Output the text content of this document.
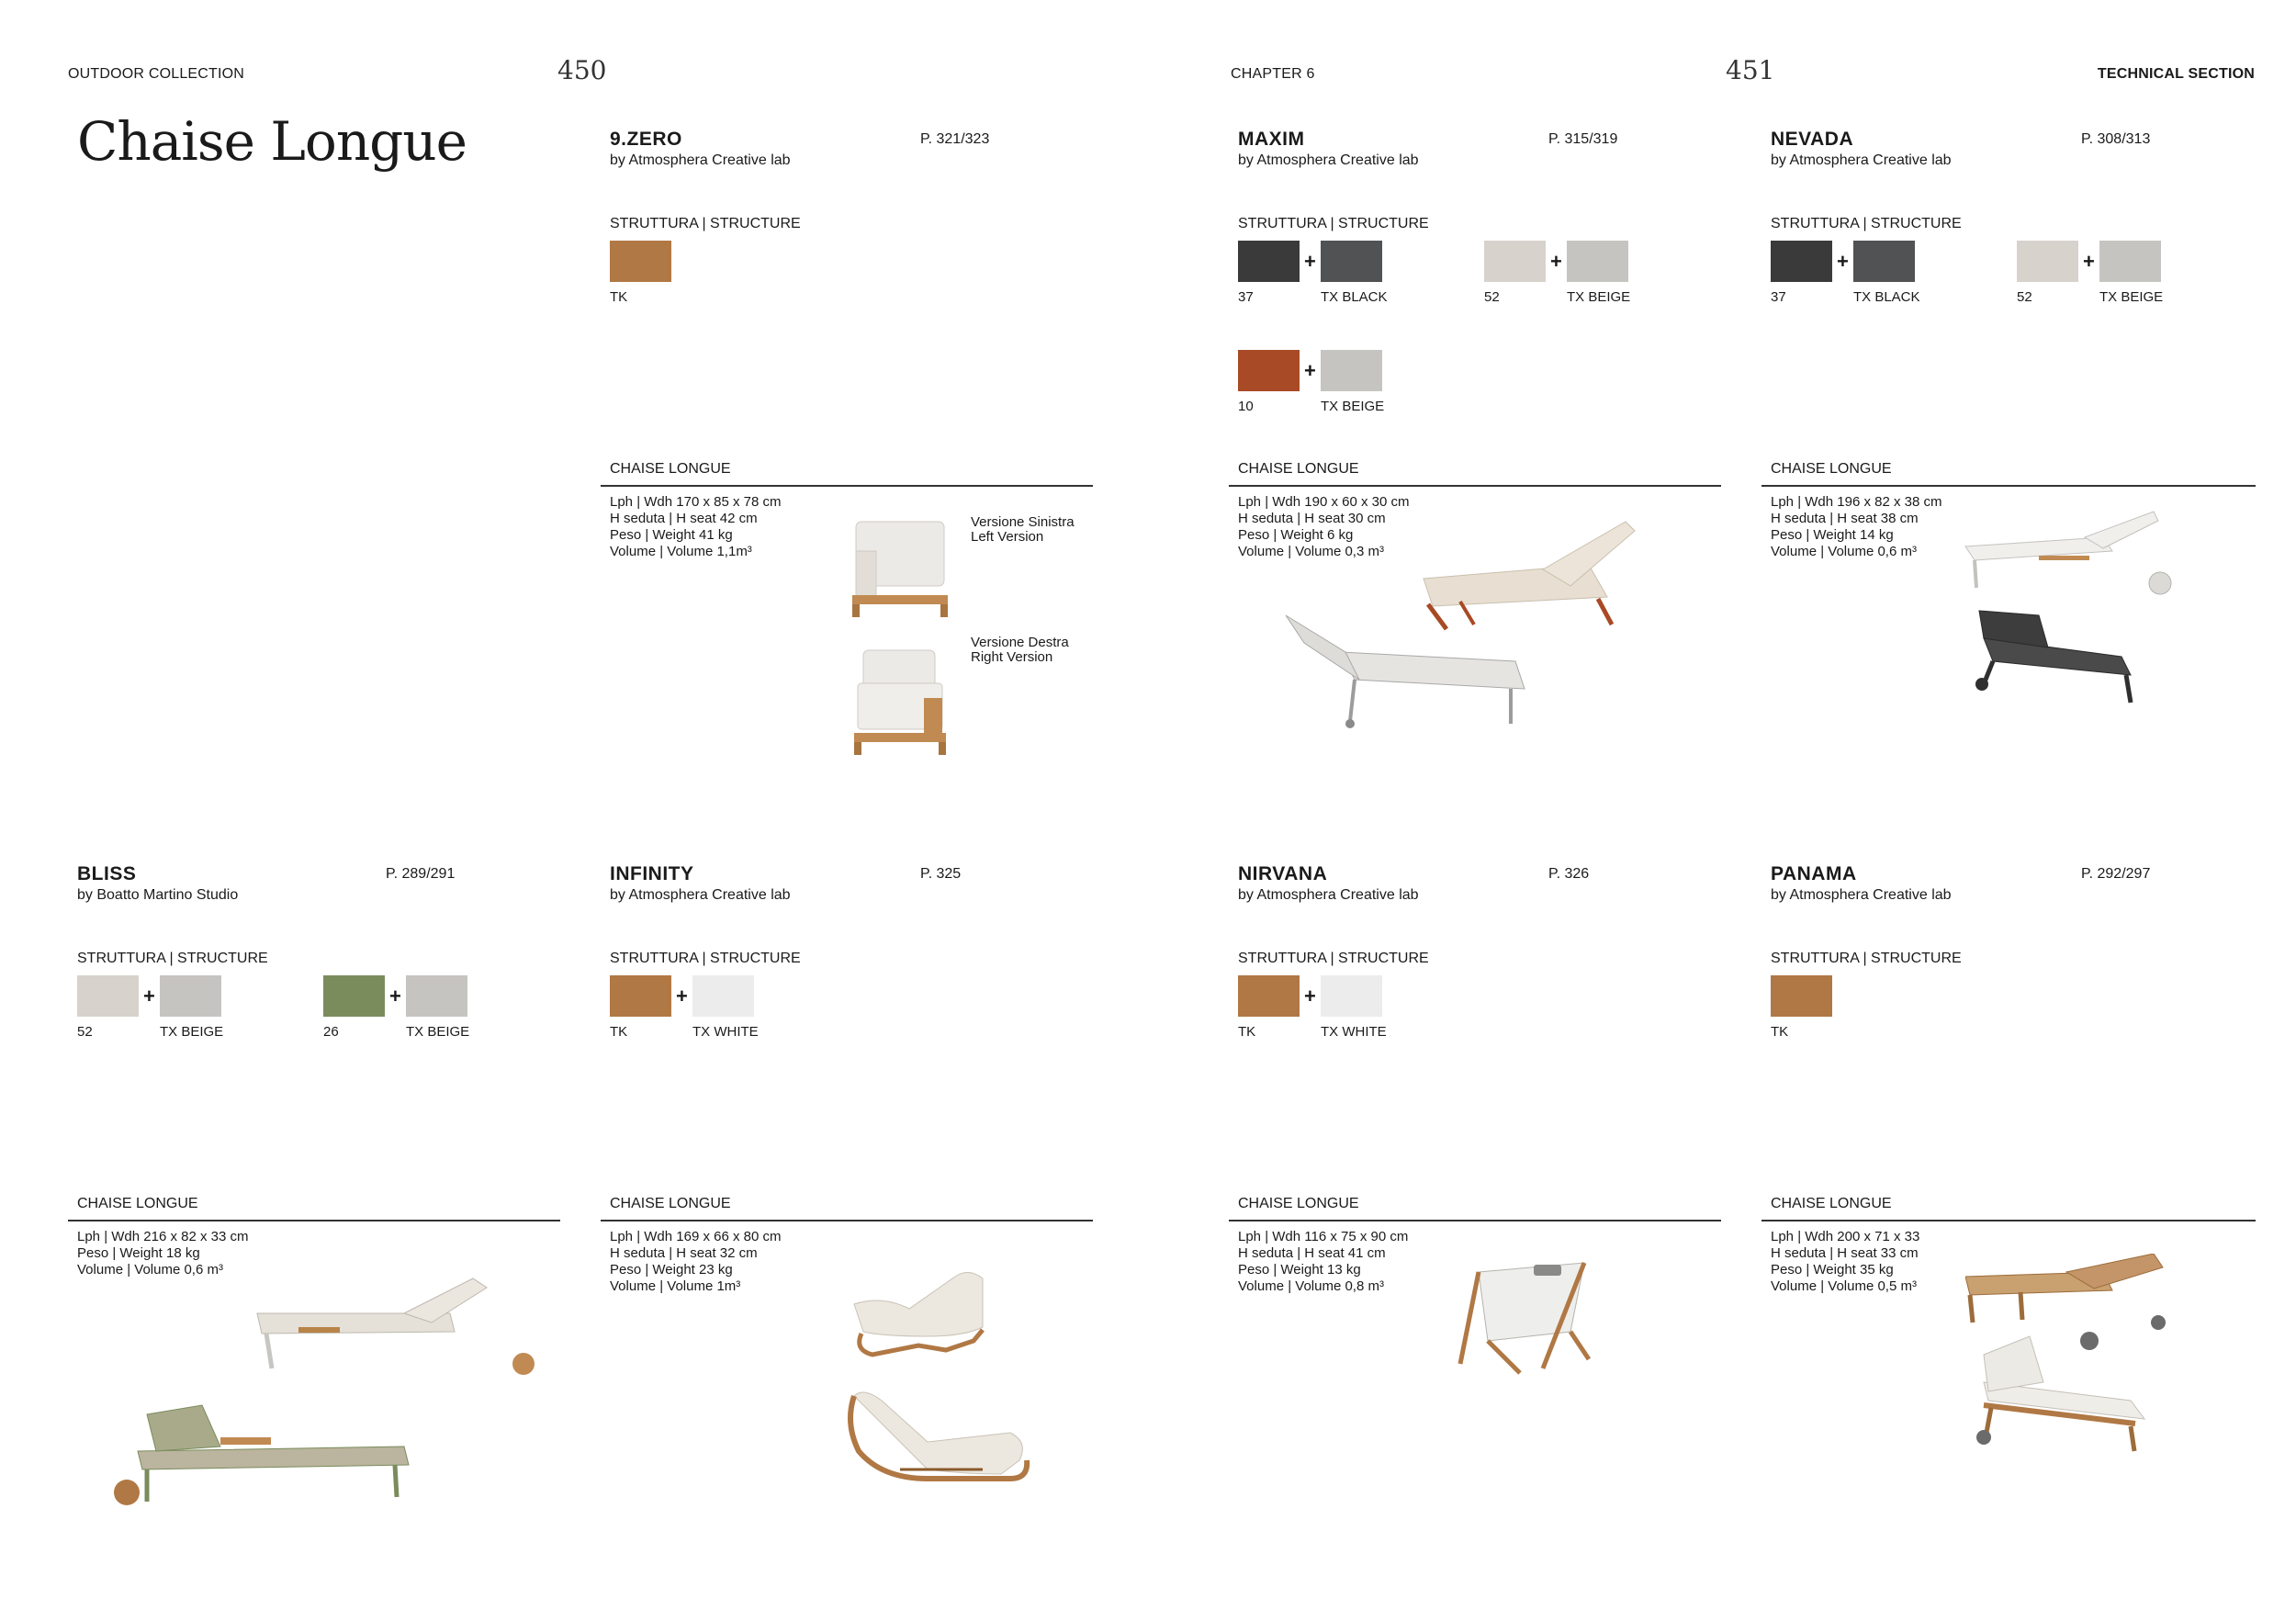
OUTDOOR COLLECTION	450	CHAPTER 6	451	TECHNICAL SECTION
Chaise Longue	9.ZERO
by Atmosphera Creative lab
P. 321/323
STRUTTURA | STRUCTURE
TK
MAXIM
by Atmosphera Creative lab
P. 315/319
STRUTTURA | STRUCTURE
+
37	TX BLACK
+
52	TX BEIGE
+
10	TX BEIGE
NEVADA
by Atmosphera Creative lab
P. 308/313
STRUTTURA | STRUCTURE
+
37	TX BLACK
+
52	TX BEIGE
CHAISE LONGUE
Lph | Wdh 170 x 85 x 78 cm
H seduta | H seat 42 cm
Peso | Weight 41 kg
Volume | Volume 1,1m³
Versione Sinistra
Left Version
Versione Destra
Right Version
CHAISE LONGUE
Lph | Wdh 190 x 60 x 30 cm
H seduta | H seat 30 cm
Peso | Weight 6 kg
Volume | Volume 0,3 m³
CHAISE LONGUE
Lph | Wdh 196 x 82 x 38 cm
H seduta | H seat 38 cm
Peso | Weight 14 kg
Volume | Volume 0,6 m³
BLISS
by Boatto Martino Studio
P. 289/291
STRUTTURA | STRUCTURE
+
52	TX BEIGE
+
26	TX BEIGE
INFINITY
by Atmosphera Creative lab
P. 325
STRUTTURA | STRUCTURE
+
TK	TX WHITE
NIRVANA
by Atmosphera Creative lab
P. 326
STRUTTURA | STRUCTURE
+
TK	TX WHITE
PANAMA
by Atmosphera Creative lab
P. 292/297
STRUTTURA | STRUCTURE
TK
CHAISE LONGUE
Lph | Wdh 216 x 82 x 33 cm
Peso | Weight 18 kg
Volume | Volume 0,6 m³
CHAISE LONGUE
Lph | Wdh 169 x 66 x 80 cm
H seduta | H seat 32 cm
Peso | Weight 23 kg
Volume | Volume 1m³
CHAISE LONGUE
Lph | Wdh 116 x 75 x 90 cm
H seduta | H seat 41 cm
Peso | Weight 13 kg
Volume | Volume 0,8 m³
CHAISE LONGUE
Lph | Wdh 200 x 71 x 33
H seduta | H seat 33 cm
Peso | Weight 35 kg
Volume | Volume 0,5 m³
